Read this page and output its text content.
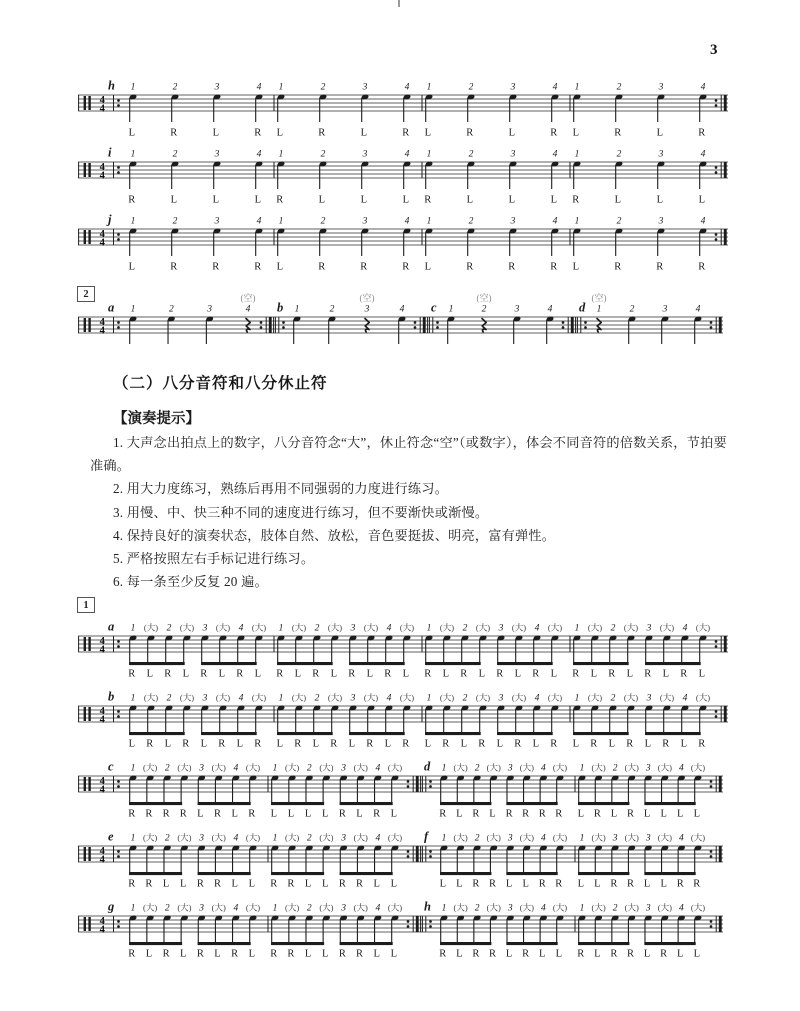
3
2
（二）八分音符和八分休止符
【演奏提示】

1. 大声念出拍点上的数字，八分音符念“大”，休止符念“空”（或数字），体会不同音符的倍数关系，节拍要准确。

2. 用大力度练习，熟练后再用不同强弱的力度进行练习。

3. 用慢、中、快三种不同的速度进行练习，但不要渐快或渐慢。

4. 保持良好的演奏状态，肢体自然、放松，音色要挺拔、明亮，富有弹性。

5. 严格按照左右手标记进行练习。

6. 每一条至少反复 20 遍。

1
4
4
h 1
L
2
R
3
L
4
R
1
L
2
R
3
L
4
R
1
L
2
R
3
L
4
R
1
L
2
R
3
L
4
R
4
4
i 1
R
2
L
3
L
4
L
1
R
2
L
3
L
4
L
1
R
2
L
3
L
4
L
1
R
2
L
3
L
4
L
4
4
j 1
L
2
R
3
R
4
R
1
L
2
R
3
R
4
R
1
L
2
R
3
R
4
R
1
L
2
R
3
R
4
R
4
4
a 1	2	3	4
(空)
b 1	2	3
(空)
4 c 1	2
(空)
3	4 d 1
(空)
2	3	4
4
4
a 1
R
(大)
L
2
R
(大)
L
3
R
(大)
L
4
R
(大)
L
1
R
(大)
L
2
R
(大)
L
3
R
(大)
L
4
R
(大)
L
1
R
(大)
L
2
R
(大)
L
3
R
(大)
L
4
R
(大)
L
1
R
(大)
L
2
R
(大)
L
3
R
(大)
L
4
R
(大)
L
4
4
b 1
L
(大)
R
2
L
(大)
R
3
L
(大)
R
4
L
(大)
R
1
L
(大)
R
2
L
(大)
R
3
L
(大)
R
4
L
(大)
R
1
L
(大)
R
2
L
(大)
R
3
L
(大)
R
4
L
(大)
R
1
L
(大)
R
2
L
(大)
R
3
L
(大)
R
4
L
(大)
R
4
4
c 1
R
(大)
R
2
R
(大)
R
3
L
(大)
R
4
L
(大)
R
1
L
(大)
L
2
L
(大)
L
3
R
(大)
L
4
R
(大)
L
d 1
R
(大)
L
2
R
(大)
L
3
R
(大)
R
4
R
(大)
R
1
L
(大)
R
2
L
(大)
R
3
L
(大)
L
4
L
(大)
L
4
4
e 1
R
(大)
R
2
L
(大)
L
3
R
(大)
R
4
L
(大)
L
1
R
(大)
R
2
L
(大)
L
3
R
(大)
R
4
L
(大)
L
f 1
L
(大)
L
2
R
(大)
R
3
L
(大)
L
4
R
(大)
R
1
L
(大)
L
3
R
(大)
R
3
L
(大)
L
4
R
(大)
R
4
4
g 1
R
(大)
L
2
R
(大)
L
3
R
(大)
L
4
R
(大)
L
1
R
(大)
R
2
L
(大)
L
3
R
(大)
R
4
L
(大)
L
h 1
R
(大)
L
2
R
(大)
R
3
L
(大)
R
4
L
(大)
L
1
R
(大)
L
2
R
(大)
R
3
L
(大)
R
4
L
(大)
L
